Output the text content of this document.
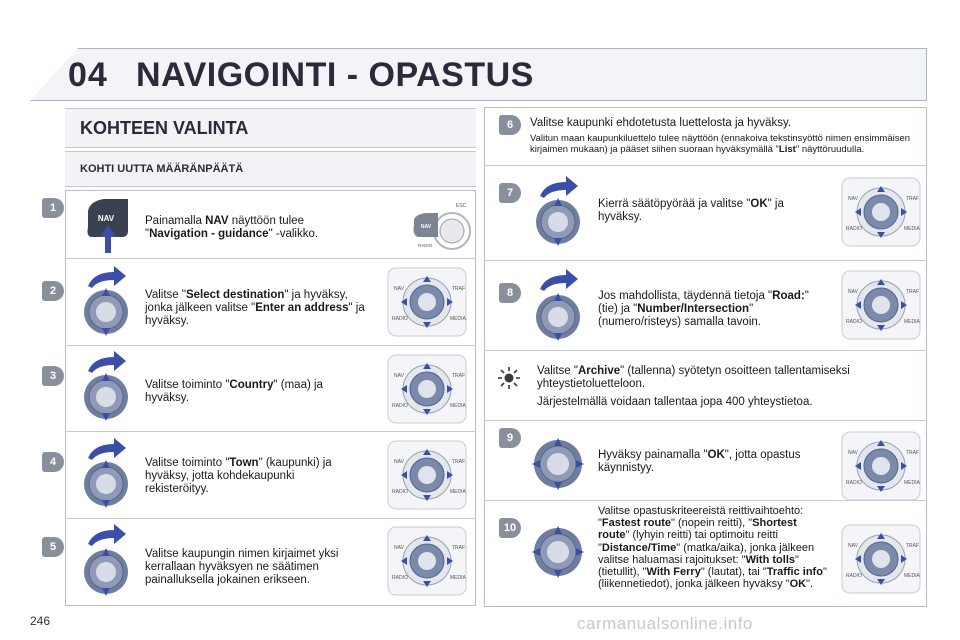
04 NAVIGOINTI - OPASTUS
KOHTEEN VALINTA
KOHTI UUTTA MÄÄRÄNPÄÄTÄ
1
2
3
4
5
6
7
8
9
10
Painamalla NAV näyttöön tulee "Navigation - guidance" -valikko.
Valitse "Select destination" ja hyväksy, jonka jälkeen valitse "Enter an address" ja hyväksy.
Valitse toiminto "Country" (maa) ja hyväksy.
Valitse toiminto "Town" (kaupunki) ja hyväksy, jotta kohdekaupunki rekisteröityy.
Valitse kaupungin nimen kirjaimet yksi kerrallaan hyväksyen ne säätimen painalluksella jokainen erikseen.
Valitse kaupunki ehdotetusta luettelosta ja hyväksy.
Valitun maan kaupunkiluettelo tulee näyttöön (ennakoiva tekstinsyöttö nimen ensimmäisen kirjaimen mukaan) ja pääset siihen suoraan hyväksymällä "List" näyttöruudulla.
Kierrä säätöpyörää ja valitse "OK" ja hyväksy.
Jos mahdollista, täydennä tietoja "Road:" (tie) ja "Number/Intersection" (numero/risteys) samalla tavoin.
Valitse "Archive" (tallenna) syötetyn osoitteen tallentamiseksi yhteystietoluetteloon.
Järjestelmällä voidaan tallentaa jopa 400 yhteystietoa.
Hyväksy painamalla "OK", jotta opastus käynnistyy.
Valitse opastuskriteereistä reittivaihtoehto: "Fastest route" (nopein reitti), "Shortest route" (lyhyin reitti) tai optimoitu reitti "Distance/Time" (matka/aika), jonka jälkeen valitse haluamasi rajoitukset: "With tolls" (tietullit), "With Ferry" (lautat), tai "Traffic info" (liikennetiedot), jonka jälkeen hyväksy "OK".
NAV
ESC
NAV
RADIO
NAV	TRAF
RADIO	MEDIA
NAV	TRAF
RADIO	MEDIA
NAV	TRAF
RADIO	MEDIA
NAV	TRAF
RADIO	MEDIA
NAV	TRAF
RADIO	MEDIA
NAV	TRAF
RADIO	MEDIA
NAV	TRAF
RADIO	MEDIA
NAV	TRAF
RADIO	MEDIA
246	carmanualsonline.info
